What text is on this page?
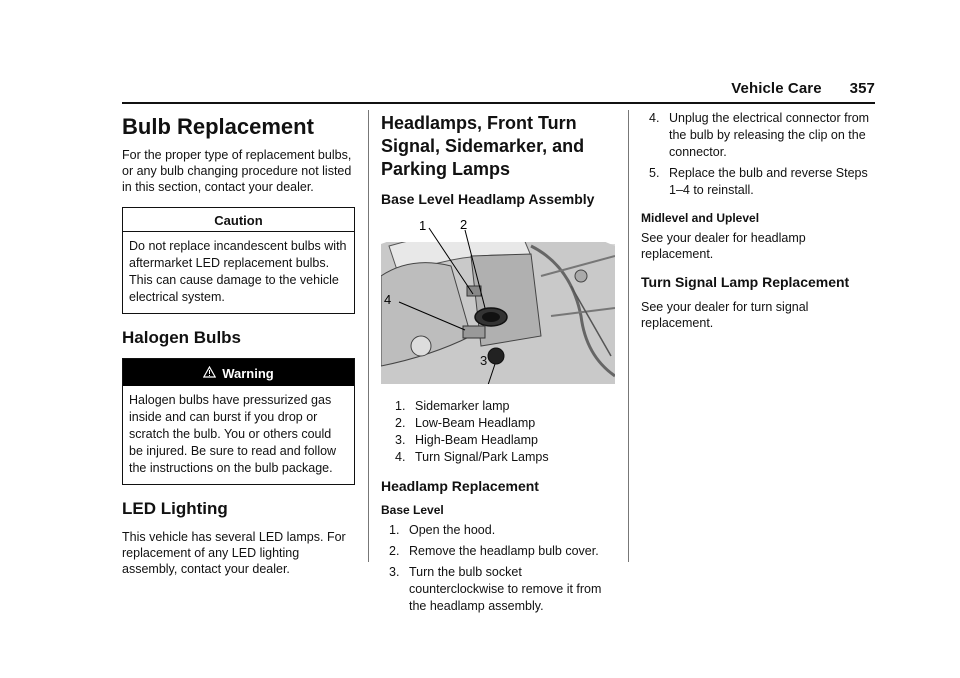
Vehicle Care 357
Bulb Replacement

For the proper type of replacement bulbs, or any bulb changing procedure not listed in this section, contact your dealer.

Caution
Do not replace incandescent bulbs with aftermarket LED replacement bulbs. This can cause damage to the vehicle electrical system.
Halogen Bulbs
Warning
Halogen bulbs have pressurized gas inside and can burst if you drop or scratch the bulb. You or others could be injured. Be sure to read and follow the instructions on the bulb package.
LED Lighting

This vehicle has several LED lamps. For replacement of any LED lighting assembly, contact your dealer.

Headlamps, Front Turn Signal, Sidemarker, and Parking Lamps
Base Level Headlamp Assembly
1	2
4
3
1. Sidemarker lamp
2. Low-Beam Headlamp
3. High-Beam Headlamp
4. Turn Signal/Park Lamps
Headlamp Replacement
Base Level
1. Open the hood.
2. Remove the headlamp bulb cover.
3. Turn the bulb socket counterclockwise to remove it from the headlamp assembly.
4. Unplug the electrical connector from the bulb by releasing the clip on the connector.
5. Replace the bulb and reverse Steps 1–4 to reinstall.
Midlevel and Uplevel

See your dealer for headlamp replacement.

Turn Signal Lamp Replacement

See your dealer for turn signal replacement.
